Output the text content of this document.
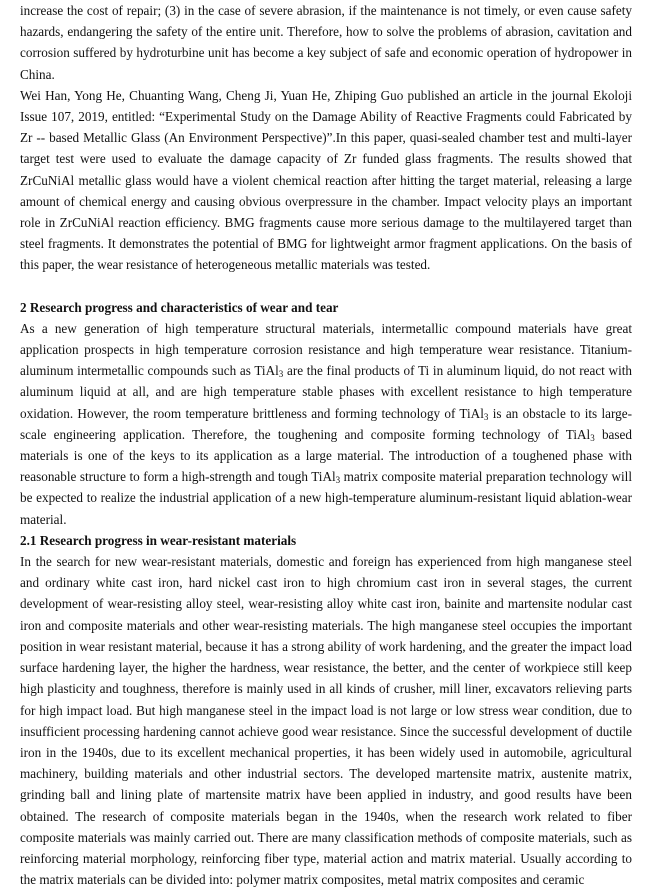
increase the cost of repair; (3) in the case of severe abrasion, if the maintenance is not timely, or even cause safety hazards, endangering the safety of the entire unit. Therefore, how to solve the problems of abrasion, cavitation and corrosion suffered by hydroturbine unit has become a key subject of safe and economic operation of hydropower in China.

Wei Han, Yong He, Chuanting Wang, Cheng Ji, Yuan He, Zhiping Guo published an article in the journal Ekoloji Issue 107, 2019, entitled: “Experimental Study on the Damage Ability of Reactive Fragments could Fabricated by Zr -- based Metallic Glass (An Environment Perspective)”.In this paper, quasi-sealed chamber test and multi-layer target test were used to evaluate the damage capacity of Zr funded glass fragments. The results showed that ZrCuNiAl metallic glass would have a violent chemical reaction after hitting the target material, releasing a large amount of chemical energy and causing obvious overpressure in the chamber. Impact velocity plays an important role in ZrCuNiAl reaction efficiency. BMG fragments cause more serious damage to the multilayered target than steel fragments. It demonstrates the potential of BMG for lightweight armor fragment applications. On the basis of this paper, the wear resistance of heterogeneous metallic materials was tested.

2 Research progress and characteristics of wear and tear

As a new generation of high temperature structural materials, intermetallic compound materials have great application prospects in high temperature corrosion resistance and high temperature wear resistance. Titanium-aluminum intermetallic compounds such as TiAl$_3$ are the final products of Ti in aluminum liquid, do not react with aluminum liquid at all, and are high temperature stable phases with excellent resistance to high temperature oxidation. However, the room temperature brittleness and forming technology of TiAl$_3$ is an obstacle to its large-scale engineering application. Therefore, the toughening and composite forming technology of TiAl$_3$ based materials is one of the keys to its application as a large material. The introduction of a toughened phase with reasonable structure to form a high-strength and tough TiAl$_3$ matrix composite material preparation technology will be expected to realize the industrial application of a new high-temperature aluminum-resistant liquid ablation-wear material.

2.1 Research progress in wear-resistant materials

In the search for new wear-resistant materials, domestic and foreign has experienced from high manganese steel and ordinary white cast iron, hard nickel cast iron to high chromium cast iron in several stages, the current development of wear-resisting alloy steel, wear-resisting alloy white cast iron, bainite and martensite nodular cast iron and composite materials and other wear-resisting materials. The high manganese steel occupies the important position in wear resistant material, because it has a strong ability of work hardening, and the greater the impact load surface hardening layer, the higher the hardness, wear resistance, the better, and the center of workpiece still keep high plasticity and toughness, therefore is mainly used in all kinds of crusher, mill liner, excavators relieving parts for high impact load. But high manganese steel in the impact load is not large or low stress wear condition, due to insufficient processing hardening cannot achieve good wear resistance. Since the successful development of ductile iron in the 1940s, due to its excellent mechanical properties, it has been widely used in automobile, agricultural machinery, building materials and other industrial sectors. The developed martensite matrix, austenite matrix, grinding ball and lining plate of martensite matrix have been applied in industry, and good results have been obtained. The research of composite materials began in the 1940s, when the research work related to fiber composite materials was mainly carried out. There are many classification methods of composite materials, such as reinforcing material morphology, reinforcing fiber type, material action and matrix material. Usually according to the matrix materials can be divided into: polymer matrix composites, metal matrix composites and ceramic
